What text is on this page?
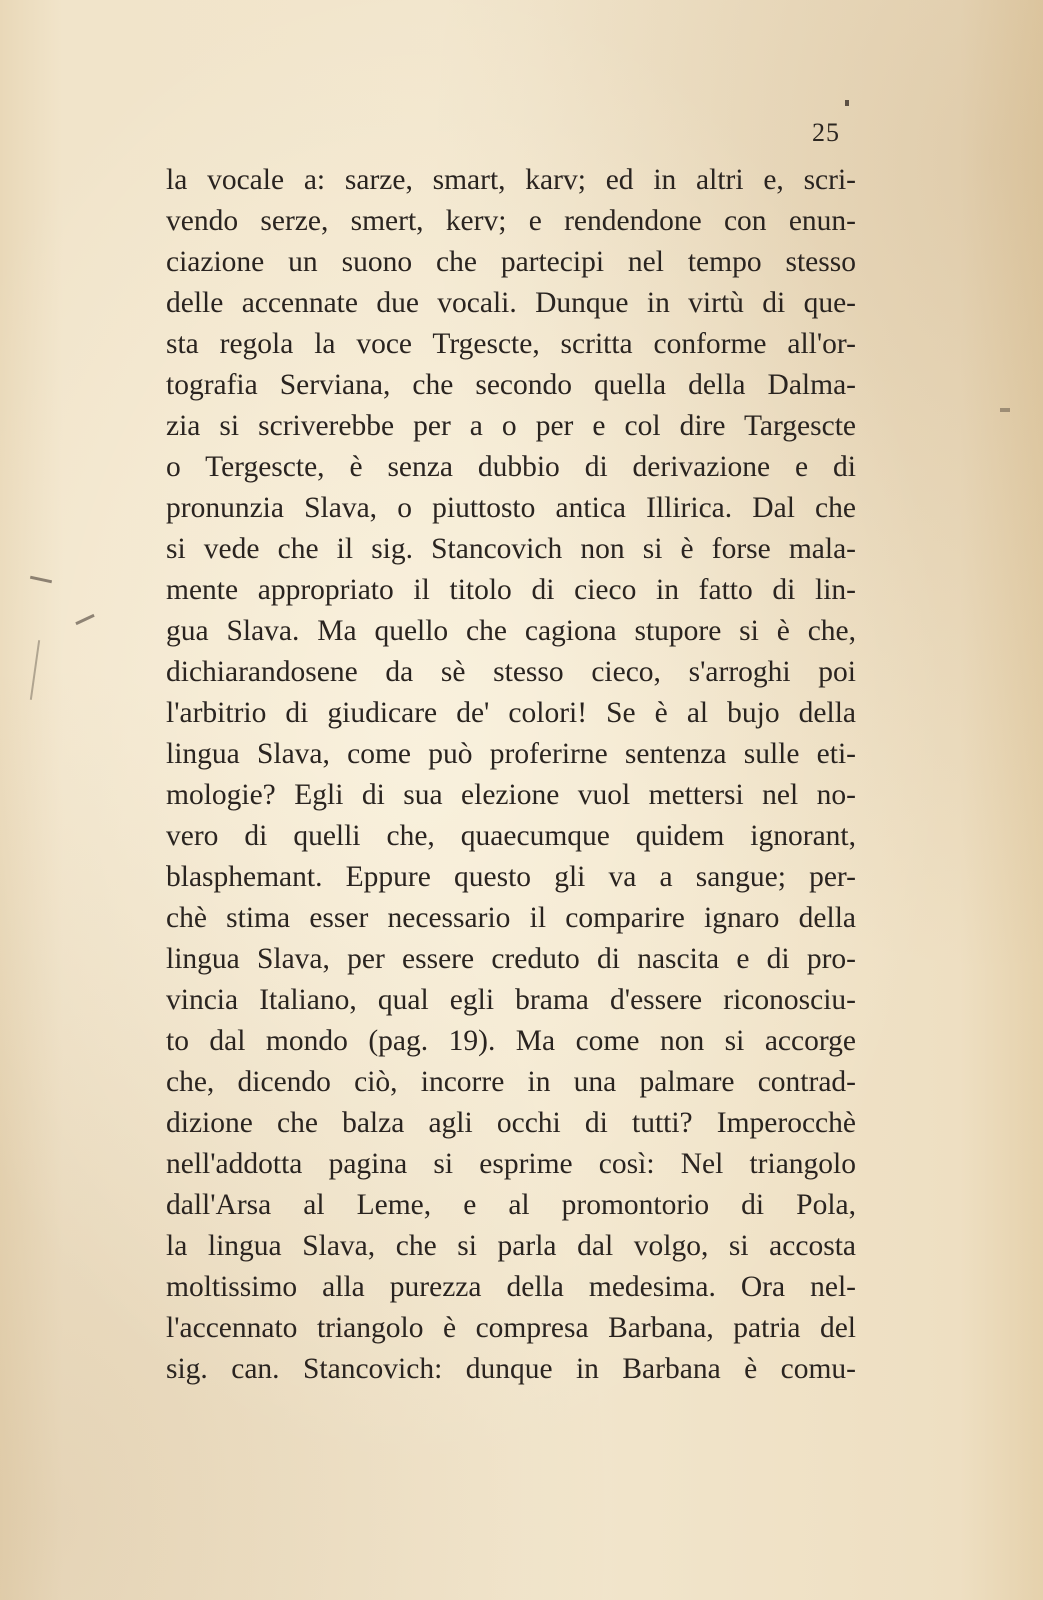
25
la vocale a: sarze, smart, karv; ed in altri e, scri-
vendo serze, smert, kerv; e rendendone con enun-
ciazione un suono che partecipi nel tempo stesso
delle accennate due vocali. Dunque in virtù di que-
sta regola la voce Trgescte, scritta conforme all'or-
tografia Serviana, che secondo quella della Dalma-
zia si scriverebbe per a o per e col dire Targescte
o Tergescte, è senza dubbio di derivazione e di
pronunzia Slava, o piuttosto antica Illirica. Dal che
si vede che il sig. Stancovich non si è forse mala-
mente appropriato il titolo di cieco in fatto di lin-
gua Slava. Ma quello che cagiona stupore si è che,
dichiarandosene da sè stesso cieco, s'arroghi poi
l'arbitrio di giudicare de' colori! Se è al bujo della
lingua Slava, come può proferirne sentenza sulle eti-
mologie? Egli di sua elezione vuol mettersi nel no-
vero di quelli che, quaecumque quidem ignorant,
blasphemant. Eppure questo gli va a sangue; per-
chè stima esser necessario il comparire ignaro della
lingua Slava, per essere creduto di nascita e di pro-
vincia Italiano, qual egli brama d'essere riconosciu-
to dal mondo (pag. 19). Ma come non si accorge
che, dicendo ciò, incorre in una palmare contrad-
dizione che balza agli occhi di tutti? Imperocchè
nell'addotta pagina si esprime così: Nel triangolo
dall'Arsa al Leme, e al promontorio di Pola,
la lingua Slava, che si parla dal volgo, si accosta
moltissimo alla purezza della medesima. Ora nel-
l'accennato triangolo è compresa Barbana, patria del
sig. can. Stancovich: dunque in Barbana è comu-
